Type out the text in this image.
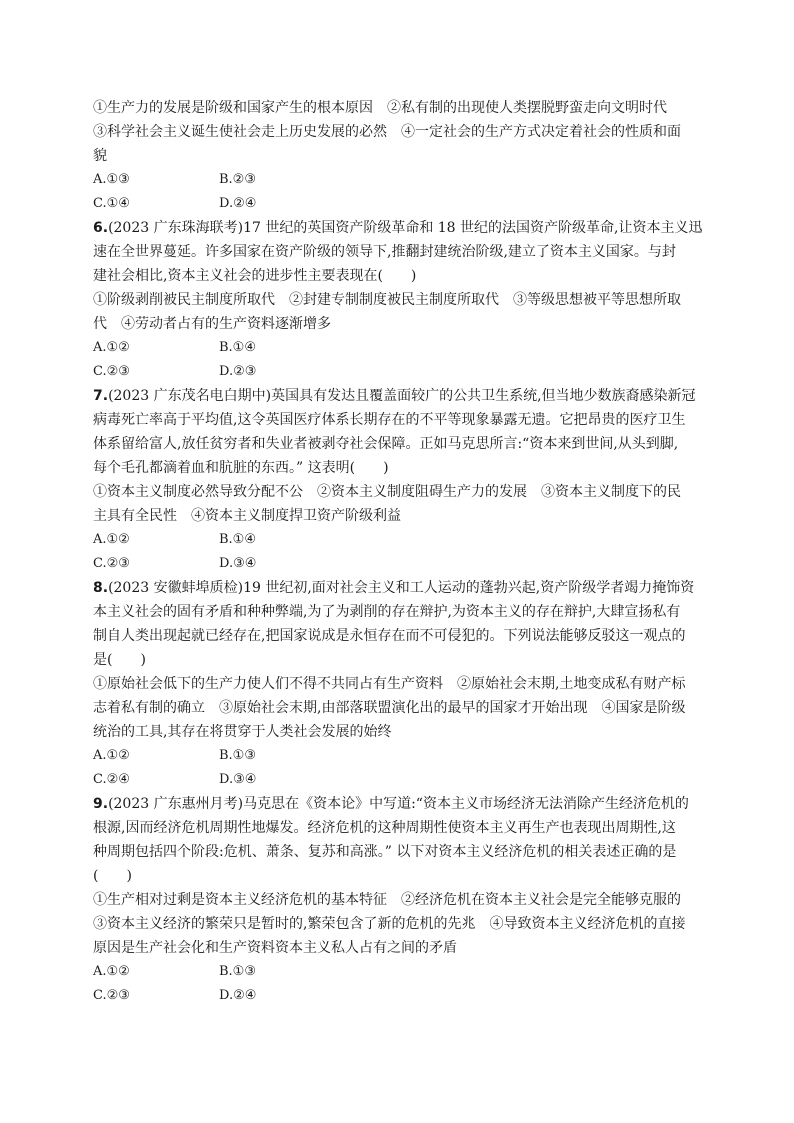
①生产力的发展是阶级和国家产生的根本原因　②私有制的出现使人类摆脱野蛮走向文明时代

③科学社会主义诞生使社会走上历史发展的必然　④一定社会的生产方式决定着社会的性质和面

貌

A.①③	B.②③
C.①④	D.②④

6.(2023 广东珠海联考)17 世纪的英国资产阶级革命和 18 世纪的法国资产阶级革命,让资本主义迅

速在全世界蔓延。许多国家在资产阶级的领导下,推翻封建统治阶级,建立了资本主义国家。与封

建社会相比,资本主义社会的进步性主要表现在(　　)

①阶级剥削被民主制度所取代　②封建专制制度被民主制度所取代　③等级思想被平等思想所取

代　④劳动者占有的生产资料逐渐增多

A.①②	B.①④
C.②③	D.②③

7.(2023 广东茂名电白期中)英国具有发达且覆盖面较广的公共卫生系统,但当地少数族裔感染新冠

病毒死亡率高于平均值,这令英国医疗体系长期存在的不平等现象暴露无遗。它把昂贵的医疗卫生

体系留给富人,放任贫穷者和失业者被剥夺社会保障。正如马克思所言:“资本来到世间,从头到脚,

每个毛孔都滴着血和肮脏的东西。” 这表明(　　)

①资本主义制度必然导致分配不公　②资本主义制度阻碍生产力的发展　③资本主义制度下的民

主具有全民性　④资本主义制度捍卫资产阶级利益

A.①②	B.①④
C.②③	D.③④

8.(2023 安徽蚌埠质检)19 世纪初,面对社会主义和工人运动的蓬勃兴起,资产阶级学者竭力掩饰资

本主义社会的固有矛盾和种种弊端,为了为剥削的存在辩护,为资本主义的存在辩护,大肆宣扬私有

制自人类出现起就已经存在,把国家说成是永恒存在而不可侵犯的。下列说法能够反驳这一观点的

是(　　)

①原始社会低下的生产力使人们不得不共同占有生产资料　②原始社会末期,土地变成私有财产标

志着私有制的确立　③原始社会末期,由部落联盟演化出的最早的国家才开始出现　④国家是阶级

统治的工具,其存在将贯穿于人类社会发展的始终

A.①②	B.①③
C.②④	D.③④

9.(2023 广东惠州月考)马克思在《资本论》中写道:“资本主义市场经济无法消除产生经济危机的

根源,因而经济危机周期性地爆发。经济危机的这种周期性使资本主义再生产也表现出周期性,这

种周期包括四个阶段:危机、萧条、复苏和高涨。” 以下对资本主义经济危机的相关表述正确的是

(　　)

①生产相对过剩是资本主义经济危机的基本特征　②经济危机在资本主义社会是完全能够克服的

③资本主义经济的繁荣只是暂时的,繁荣包含了新的危机的先兆　④导致资本主义经济危机的直接

原因是生产社会化和生产资料资本主义私人占有之间的矛盾

A.①②	B.①③
C.②③	D.②④
